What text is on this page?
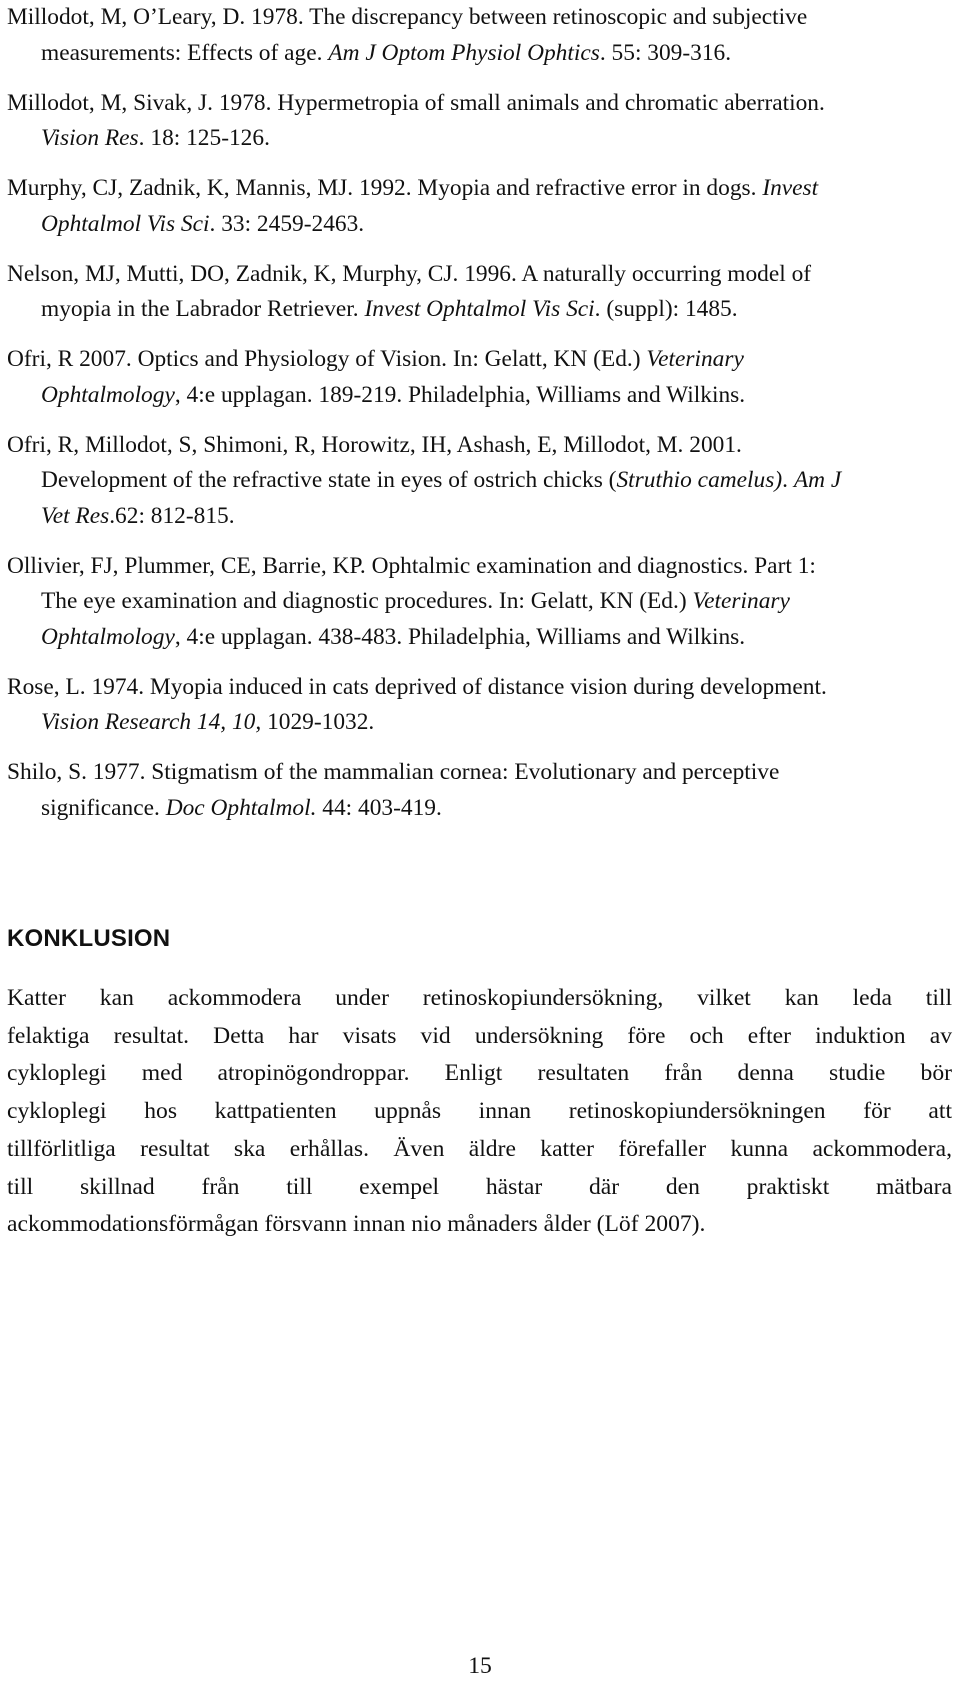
Millodot, M, O’Leary, D. 1978. The discrepancy between retinoscopic and subjective
measurements: Effects of age. Am J Optom Physiol Ophtics. 55: 309-316.
Millodot, M, Sivak, J. 1978. Hypermetropia of small animals and chromatic aberration.
Vision Res. 18: 125-126.
Murphy, CJ, Zadnik, K, Mannis, MJ. 1992. Myopia and refractive error in dogs. Invest
Ophtalmol Vis Sci. 33: 2459-2463.
Nelson, MJ, Mutti, DO, Zadnik, K, Murphy, CJ. 1996. A naturally occurring model of
myopia in the Labrador Retriever. Invest Ophtalmol Vis Sci. (suppl): 1485.
Ofri, R 2007. Optics and Physiology of Vision. In: Gelatt, KN (Ed.) Veterinary
Ophtalmology, 4:e upplagan. 189-219. Philadelphia, Williams and Wilkins.
Ofri, R, Millodot, S, Shimoni, R, Horowitz, IH, Ashash, E, Millodot, M. 2001.
Development of the refractive state in eyes of ostrich chicks (Struthio camelus). Am J
Vet Res.62: 812-815.
Ollivier, FJ, Plummer, CE, Barrie, KP. Ophtalmic examination and diagnostics. Part 1:
The eye examination and diagnostic procedures. In: Gelatt, KN (Ed.) Veterinary
Ophtalmology, 4:e upplagan. 438-483. Philadelphia, Williams and Wilkins.
Rose, L. 1974. Myopia induced in cats deprived of distance vision during development.
Vision Research 14, 10, 1029-1032.
Shilo, S. 1977. Stigmatism of the mammalian cornea: Evolutionary and perceptive
significance. Doc Ophtalmol. 44: 403-419.
KONKLUSION
Katter kan ackommodera under retinoskopiundersökning, vilket kan leda till
felaktiga resultat. Detta har visats vid undersökning före och efter induktion av
cykloplegi med atropinögondroppar. Enligt resultaten från denna studie bör
cykloplegi hos kattpatienten uppnås innan retinoskopiundersökningen för att
tillförlitliga resultat ska erhållas. Även äldre katter förefaller kunna ackommodera,
till skillnad från till exempel hästar där den praktiskt mätbara
ackommodationsförmågan försvann innan nio månaders ålder (Löf 2007).
15
